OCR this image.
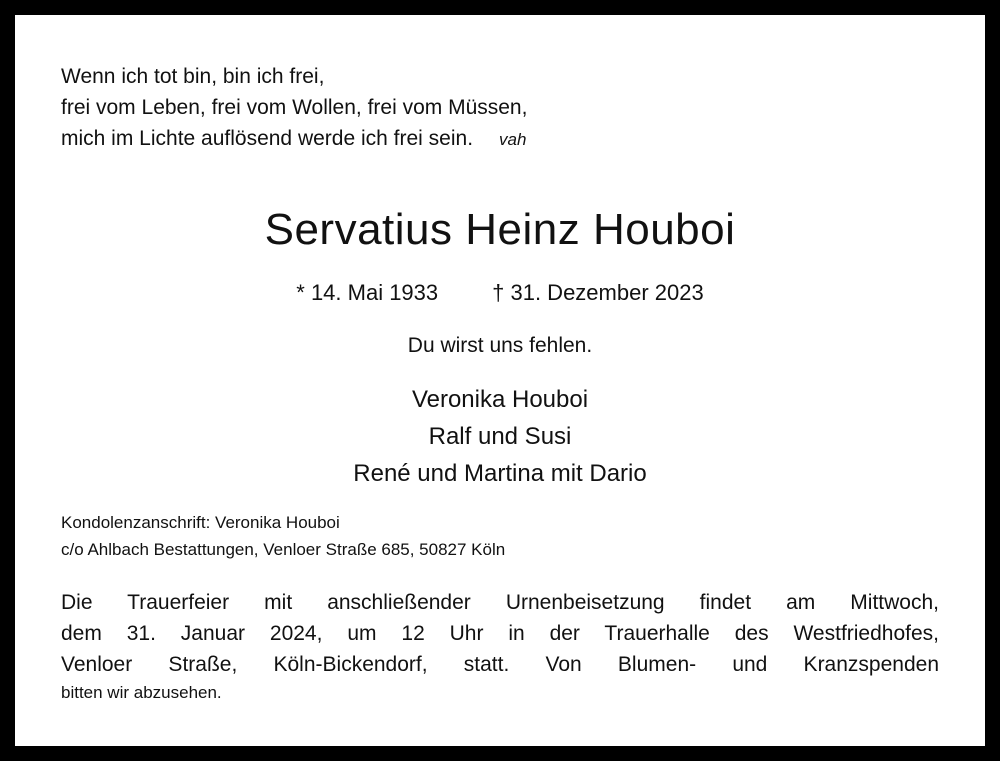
Wenn ich tot bin, bin ich frei,
frei vom Leben, frei vom Wollen, frei vom Müssen,
mich im Lichte auflösend werde ich frei sein. vah
Servatius Heinz Houboi
* 14. Mai 1933 † 31. Dezember 2023
Du wirst uns fehlen.
Veronika Houboi
Ralf und Susi
René und Martina mit Dario
Kondolenzanschrift: Veronika Houboi
c/o Ahlbach Bestattungen, Venloer Straße 685, 50827 Köln
Die Trauerfeier mit anschließender Urnenbeisetzung findet am Mittwoch,
dem 31. Januar 2024, um 12 Uhr in der Trauerhalle des Westfriedhofes,
Venloer Straße, Köln-Bickendorf, statt. Von Blumen- und Kranzspenden
bitten wir abzusehen.
